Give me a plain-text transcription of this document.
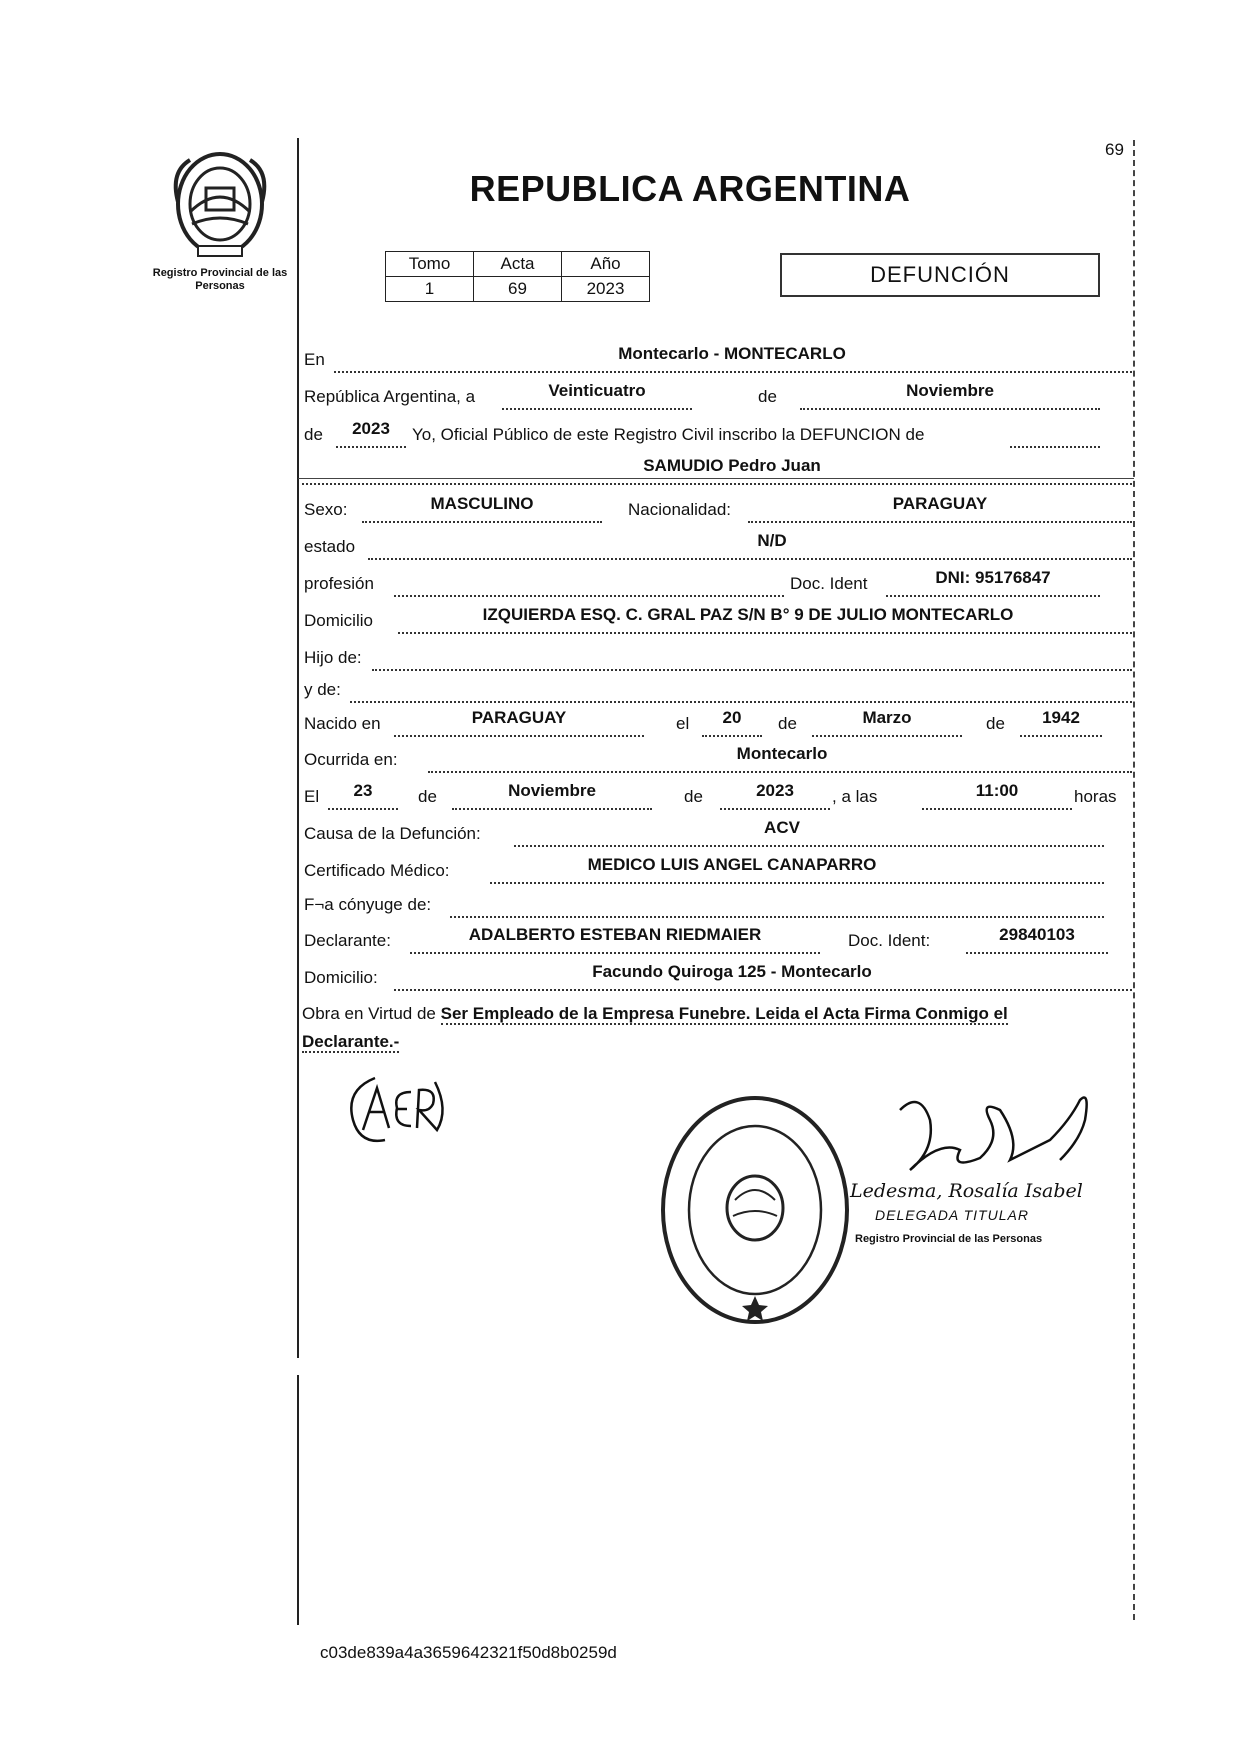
Registro Provincial de las Personas
69
REPUBLICA ARGENTINA
Tomo	Acta	Año
1	69	2023
DEFUNCIÓN
En	Montecarlo - MONTECARLO
República Argentina, a	Veinticuatro	de	Noviembre
de	2023	Yo, Oficial Público de este Registro Civil inscribo la DEFUNCION de
SAMUDIO Pedro Juan
Sexo:	MASCULINO	Nacionalidad:	PARAGUAY
estado	N/D
profesión	Doc. Ident	DNI: 95176847
Domicilio	IZQUIERDA ESQ. C. GRAL PAZ S/N B° 9 DE JULIO MONTECARLO
Hijo de:
y de:
Nacido en	PARAGUAY	el	20	de	Marzo	de	1942
Ocurrida en:	Montecarlo
El	23	de	Noviembre	de	2023	, a las	11:00	horas
Causa de la Defunción:	ACV
Certificado Médico:	MEDICO LUIS ANGEL CANAPARRO
F¬a cónyuge de:
Declarante:	ADALBERTO ESTEBAN RIEDMAIER	Doc. Ident:	29840103
Domicilio:	Facundo Quiroga 125 - Montecarlo
Obra en Virtud de Ser Empleado de la Empresa Funebre. Leida el Acta Firma Conmigo el
Declarante.-
Ledesma, Rosalía Isabel
DELEGADA TITULAR
Registro Provincial de las Personas
c03de839a4a3659642321f50d8b0259d
